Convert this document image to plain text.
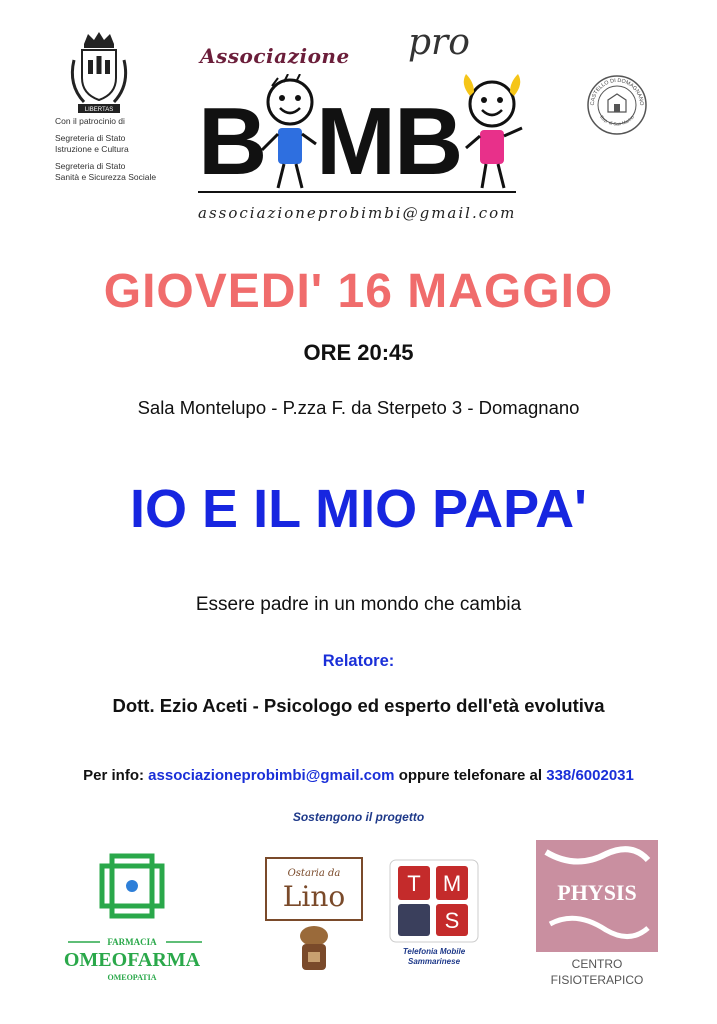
LIBERTAS
Con il patrocinio di
Segreteria di Stato
Istruzione e Cultura
Segreteria di Stato
Sanità e Sicurezza Sociale
Associazione pro
B M
B
associazioneprobimbi@gmail.com
CASTELLO DI DOMAGNANO
Rep. di San Marino
GIOVEDI' 16 MAGGIO
ORE 20:45
Sala Montelupo - P.zza F. da Sterpeto 3 - Domagnano
IO E IL MIO PAPA'
Essere padre in un mondo che cambia
Relatore:
Dott. Ezio Aceti - Psicologo ed esperto dell'età evolutiva
Per info: associazioneprobimbi@gmail.com oppure telefonare al 338/6002031
Sostengono il progetto
FARMACIA
OMEOFARMA
OMEOPATIA
Ostaria da
Lino	T M
S
Telefonia Mobile
Sammarinese
PHYSIS
CENTRO
FISIOTERAPICO
